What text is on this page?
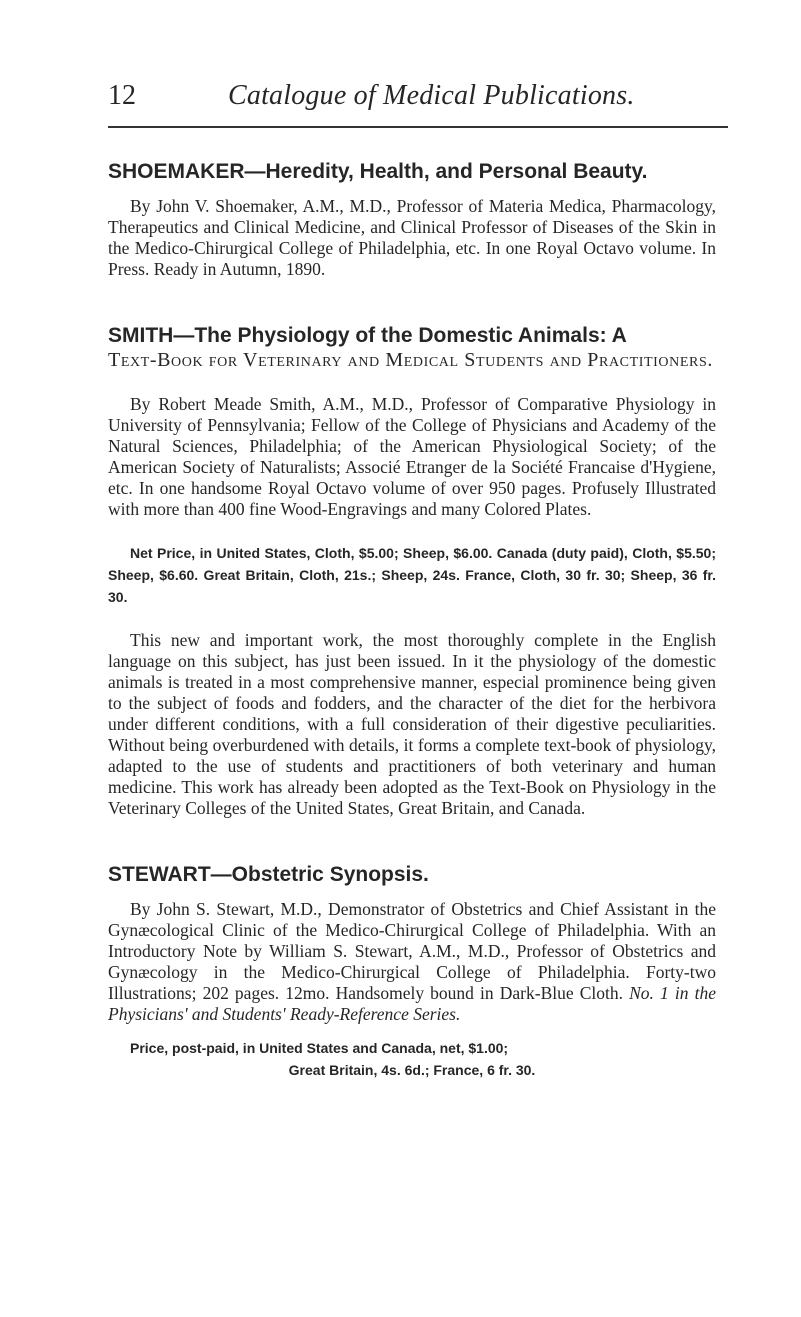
12	Catalogue of Medical Publications.

SHOEMAKER—Heredity, Health, and Personal Beauty.

By John V. Shoemaker, A.M., M.D., Professor of Materia Medica, Pharmacology, Therapeutics and Clinical Medicine, and Clinical Professor of Diseases of the Skin in the Medico-Chirurgical College of Philadelphia, etc. In one Royal Octavo volume. In Press. Ready in Autumn, 1890.

SMITH—The Physiology of the Domestic Animals: A
Text-Book for Veterinary and Medical Students and Practitioners.

By Robert Meade Smith, A.M., M.D., Professor of Comparative Physiology in University of Pennsylvania; Fellow of the College of Physicians and Academy of the Natural Sciences, Philadelphia; of the American Physiological Society; of the American Society of Naturalists; Associé Etranger de la Société Francaise d'Hygiene, etc. In one handsome Royal Octavo volume of over 950 pages. Profusely Illustrated with more than 400 fine Wood-Engravings and many Colored Plates.

Net Price, in United States, Cloth, $5.00; Sheep, $6.00. Canada (duty paid), Cloth, $5.50; Sheep, $6.60. Great Britain, Cloth, 21s.; Sheep, 24s. France, Cloth, 30 fr. 30; Sheep, 36 fr. 30.

This new and important work, the most thoroughly complete in the English language on this subject, has just been issued. In it the physiology of the domestic animals is treated in a most comprehensive manner, especial prominence being given to the subject of foods and fodders, and the character of the diet for the herbivora under different conditions, with a full consideration of their digestive peculiarities. Without being overburdened with details, it forms a complete text-book of physiology, adapted to the use of students and practitioners of both veterinary and human medicine. This work has already been adopted as the Text-Book on Physiology in the Veterinary Colleges of the United States, Great Britain, and Canada.

STEWART—Obstetric Synopsis.

By John S. Stewart, M.D., Demonstrator of Obstetrics and Chief Assistant in the Gynæcological Clinic of the Medico-Chirurgical College of Philadelphia. With an Introductory Note by William S. Stewart, A.M., M.D., Professor of Obstetrics and Gynæcology in the Medico-Chirurgical College of Philadelphia. Forty-two Illustrations; 202 pages. 12mo. Handsomely bound in Dark-Blue Cloth. No. 1 in the Physicians' and Students' Ready-Reference Series.

Price, post-paid, in United States and Canada, net, $1.00;

Great Britain, 4s. 6d.; France, 6 fr. 30.
